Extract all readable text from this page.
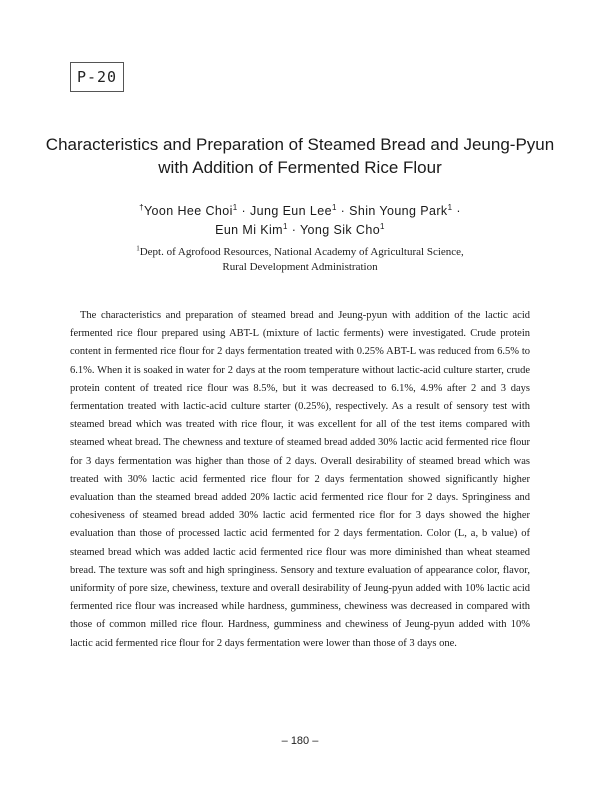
P-20
Characteristics and Preparation of Steamed Bread and Jeung-Pyun
with Addition of Fermented Rice Flour
†Yoon Hee Choi$^1$ · Jung Eun Lee$^1$ · Shin Young Park$^1$ ·
Eun Mi Kim$^1$ · Yong Sik Cho$^1$
$^1$Dept. of Agrofood Resources, National Academy of Agricultural Science,
Rural Development Administration

The characteristics and preparation of steamed bread and Jeung-pyun with addition of the lactic acid fermented rice flour prepared using ABT-L (mixture of lactic ferments) were investigated. Crude protein content in fermented rice flour for 2 days fermentation treated with 0.25% ABT-L was reduced from 6.5% to 6.1%. When it is soaked in water for 2 days at the room temperature without lactic-acid culture starter, crude protein content of treated rice flour was 8.5%, but it was decreased to 6.1%, 4.9% after 2 and 3 days fermentation treated with lactic-acid culture starter (0.25%), respectively. As a result of sensory test with steamed bread which was treated with rice flour, it was excellent for all of the test items compared with steamed wheat bread. The chewness and texture of steamed bread added 30% lactic acid fermented rice flour for 3 days fermentation was higher than those of 2 days. Overall desirability of steamed bread which was treated with 30% lactic acid fermented rice flour for 2 days fermentation showed significantly higher evaluation than the steamed bread added 20% lactic acid fermented rice flour for 2 days. Springiness and cohesiveness of steamed bread added 30% lactic acid fermented rice flor for 3 days showed the higher evaluation than those of processed lactic acid fermented for 2 days fermentation. Color (L, a, b value) of steamed bread which was added lactic acid fermented rice flour was more diminished than wheat steamed bread. The texture was soft and high springiness. Sensory and texture evaluation of appearance color, flavor, uniformity of pore size, chewiness, texture and overall desirability of Jeung-pyun added with 10% lactic acid fermented rice flour was increased while hardness, gumminess, chewiness was decreased in compared with those of common milled rice flour. Hardness, gumminess and chewiness of Jeung-pyun added with 10% lactic acid fermented rice flour for 2 days fermentation were lower than those of 3 days one.

– 180 –
